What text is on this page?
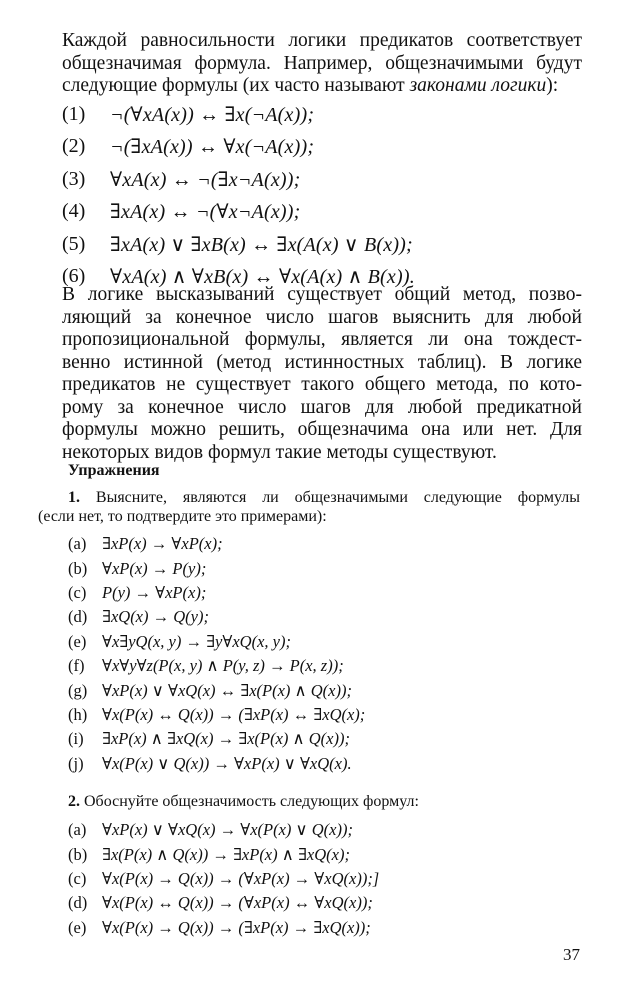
Каждой равносильности логики предикатов соответствует
общезначимая формула. Например, общезначимыми будут
следующие формулы (их часто называют законами логики):
(1)	¬(∀xA(x)) ↔ ∃x(¬A(x));
(2)	¬(∃xA(x)) ↔ ∀x(¬A(x));
(3)	∀xA(x) ↔ ¬(∃x¬A(x));
(4)	∃xA(x) ↔ ¬(∀x¬A(x));
(5)	∃xA(x) ∨ ∃xB(x) ↔ ∃x(A(x) ∨ B(x));
(6)	∀xA(x) ∧ ∀xB(x) ↔ ∀x(A(x) ∧ B(x)).
В логике высказываний существует общий метод, позво-
ляющий за конечное число шагов выяснить для любой
пропозициональной формулы, является ли она тождест-
венно истинной (метод истинностных таблиц). В логике
предикатов не существует такого общего метода, по кото-
рому за конечное число шагов для любой предикатной
формулы можно решить, общезначима она или нет. Для
некоторых видов формул такие методы существуют.
Упражнения
1. Выясните, являются ли общезначимыми следующие формулы
(если нет, то подтвердите это примерами):
(a) ∃xP(x) → ∀xP(x);
(b) ∀xP(x) → P(y);
(c) P(y) → ∀xP(x);
(d) ∃xQ(x) → Q(y);
(e) ∀x∃yQ(x, y) → ∃y∀xQ(x, y);
(f)	∀x∀y∀z(P(x, y) ∧ P(y, z) → P(x, z));
(g) ∀xP(x) ∨ ∀xQ(x) ↔ ∃x(P(x) ∧ Q(x));
(h) ∀x(P(x) ↔ Q(x)) → (∃xP(x) ↔ ∃xQ(x);
(i)	∃xP(x) ∧ ∃xQ(x) → ∃x(P(x) ∧ Q(x));
(j)	∀x(P(x) ∨ Q(x)) → ∀xP(x) ∨ ∀xQ(x).
2. Обоснуйте общезначимость следующих формул:
(a) ∀xP(x) ∨ ∀xQ(x) → ∀x(P(x) ∨ Q(x));
(b) ∃x(P(x) ∧ Q(x)) → ∃xP(x) ∧ ∃xQ(x);
(c) ∀x(P(x) → Q(x)) → (∀xP(x) → ∀xQ(x));]
(d) ∀x(P(x) ↔ Q(x)) → (∀xP(x) ↔ ∀xQ(x));
(e) ∀x(P(x) → Q(x)) → (∃xP(x) → ∃xQ(x));
37
